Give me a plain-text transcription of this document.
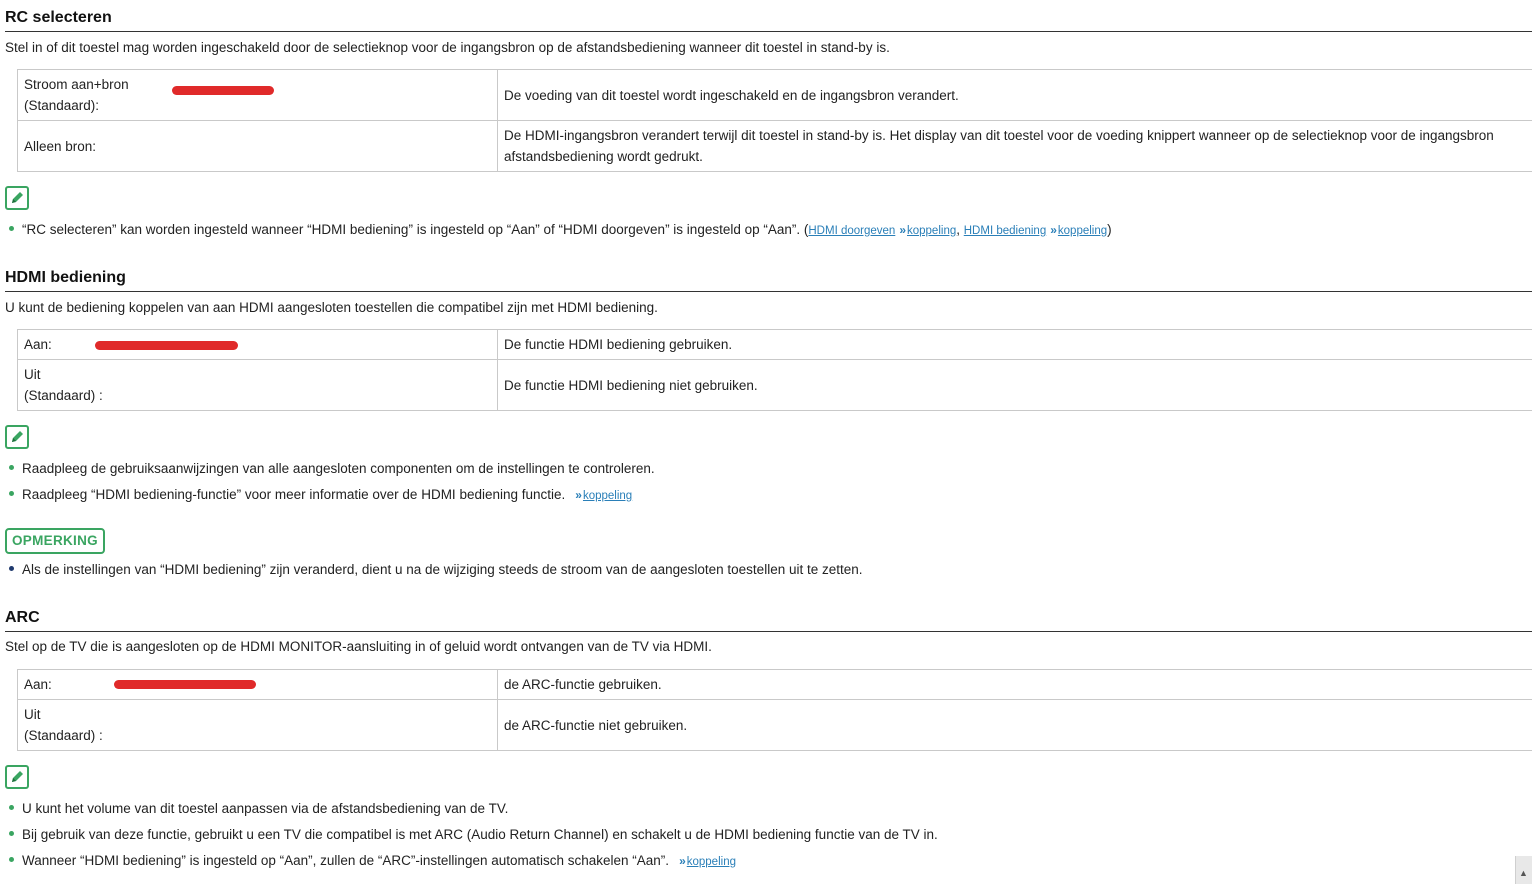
RC selecteren
Stel in of dit toestel mag worden ingeschakeld door de selectieknop voor de ingangsbron op de afstandsbediening wanneer dit toestel in stand-by is.
Stroom aan+bron
(Standaard):	De voeding van dit toestel wordt ingeschakeld en de ingangsbron verandert.
Alleen bron:	De HDMI-ingangsbron verandert terwijl dit toestel in stand-by is. Het display van dit toestel voor de voeding knippert wanneer op de selectieknop voor de ingangsbron
afstandsbediening wordt gedrukt.
“RC selecteren” kan worden ingesteld wanneer “HDMI bediening” is ingesteld op “Aan” of “HDMI doorgeven” is ingesteld op “Aan”. (HDMI doorgeven »koppeling, HDMI bediening »koppeling)
HDMI bediening
U kunt de bediening koppelen van aan HDMI aangesloten toestellen die compatibel zijn met HDMI bediening.
Aan:	De functie HDMI bediening gebruiken.

Uit
(Standaard) :	De functie HDMI bediening niet gebruiken.
Raadpleeg de gebruiksaanwijzingen van alle aangesloten componenten om de instellingen te controleren.
Raadpleeg “HDMI bediening-functie” voor meer informatie over de HDMI bediening functie. »koppeling
OPMERKING
Als de instellingen van “HDMI bediening” zijn veranderd, dient u na de wijziging steeds de stroom van de aangesloten toestellen uit te zetten.
ARC
Stel op de TV die is aangesloten op de HDMI MONITOR-aansluiting in of geluid wordt ontvangen van de TV via HDMI.
Aan:	de ARC-functie gebruiken.

Uit
(Standaard) :	de ARC-functie niet gebruiken.
U kunt het volume van dit toestel aanpassen via de afstandsbediening van de TV.
Bij gebruik van deze functie, gebruikt u een TV die compatibel is met ARC (Audio Return Channel) en schakelt u de HDMI bediening functie van de TV in.
Wanneer “HDMI bediening” is ingesteld op “Aan”, zullen de “ARC”-instellingen automatisch schakelen “Aan”. »koppeling
▲
